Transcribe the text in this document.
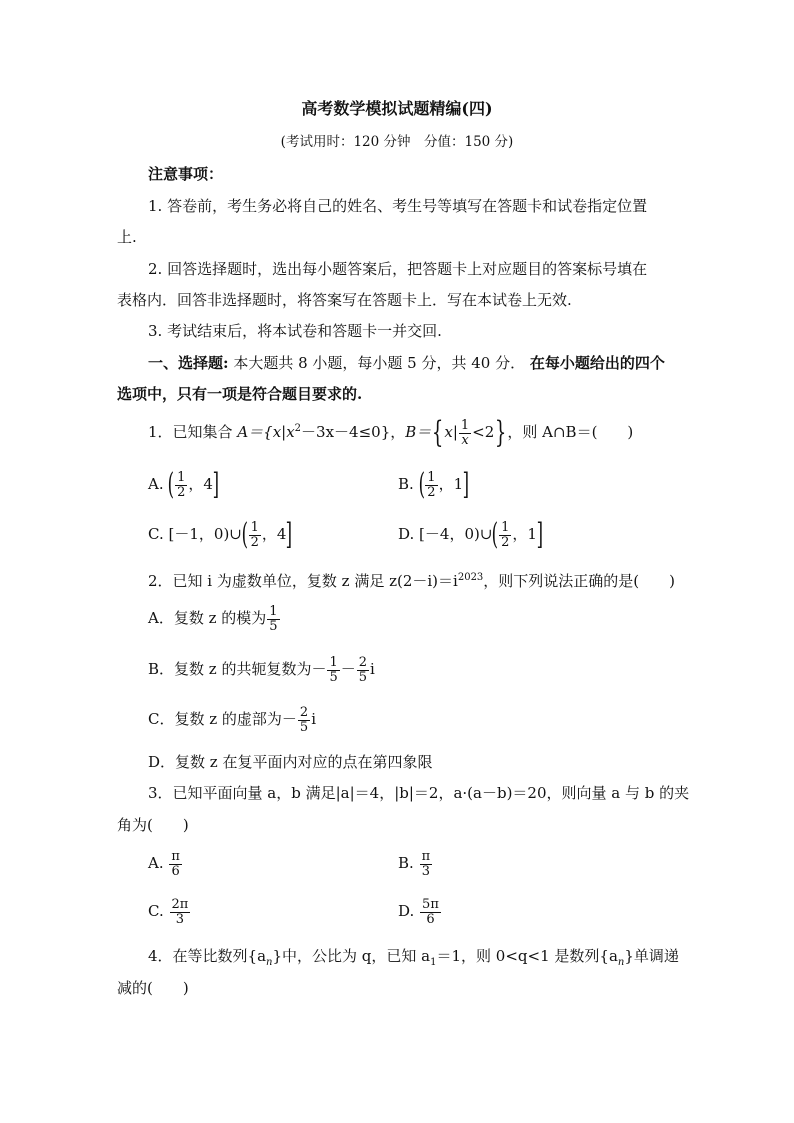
高考数学模拟试题精编(四)
(考试用时：120 分钟　分值：150 分)
注意事项：
1. 答卷前，考生务必将自己的姓名、考生号等填写在答题卡和试卷指定位置
上.
2. 回答选择题时，选出每小题答案后，把答题卡上对应题目的答案标号填在
表格内．回答非选择题时，将答案写在答题卡上．写在本试卷上无效.
3. 考试结束后，将本试卷和答题卡一并交回.
一、选择题: 本大题共 8 小题，每小题 5 分，共 40 分． 在每小题给出的四个
选项中，只有一项是符合题目要求的.
1．已知集合 $A=\{x|x^2-3x-4\le 0\}$，$B=\{x| \frac{1}{x} <2\}$，则 A∩B＝(　　)
A. ( $\frac{1}{2}$ ，4]	B. ( $\frac{1}{2}$ ，1]
C. [－1，0)∪( $\frac{1}{2}$ ，4]	D. [－4，0)∪( $\frac{1}{2}$ ，1]
2．已知 i 为虚数单位，复数 z 满足 $z(2-i)=i^{2023}$，则下列说法正确的是(　　)
A．复数 z 的模为 $\frac{1}{5}$
B．复数 z 的共轭复数为－ $\frac{1}{5} - \frac{2}{5}$ i
C．复数 z 的虚部为－ $\frac{2}{5}$ i
D．复数 z 在复平面内对应的点在第四象限
3．已知平面向量 a，b 满足|a|＝4，|b|＝2，a·(a－b)＝20，则向量 a 与 b 的夹
角为(　　)
A. $\frac{\pi}{6}$	B. $\frac{\pi}{3}$
C. $\frac{2\pi}{3}$	D. $\frac{5\pi}{6}$
4．在等比数列$\{a_n\}$中，公比为 q，已知 $a_1=1$，则 0<q<1 是数列$\{a_n\}$单调递
减的(　　)
